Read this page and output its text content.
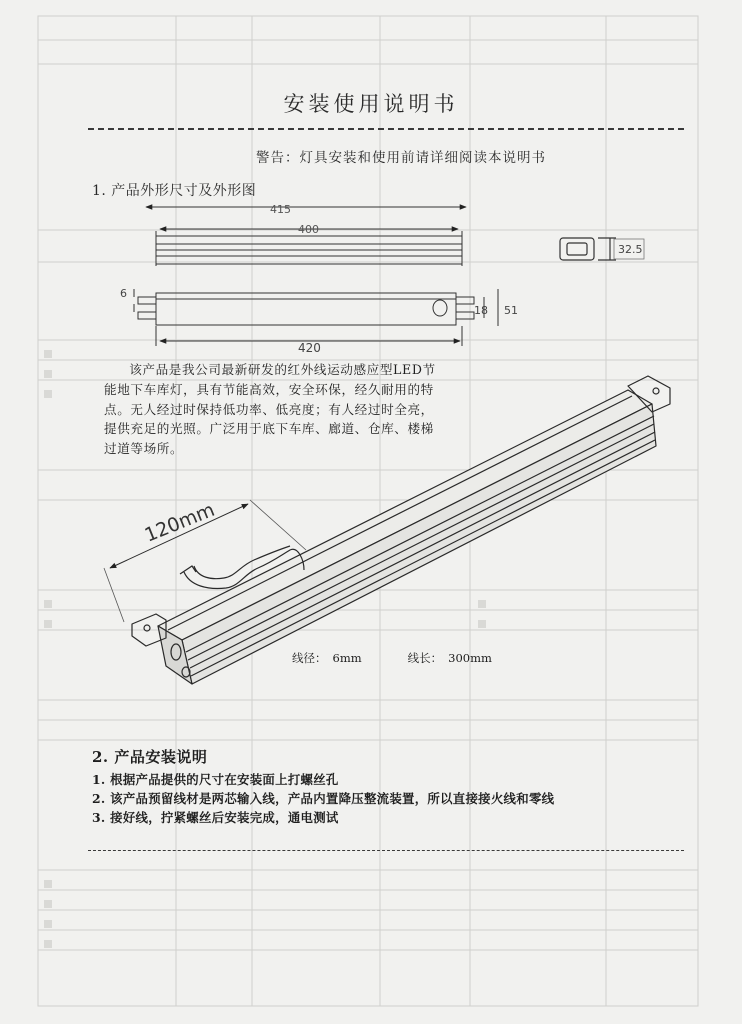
安装使用说明书
警告：灯具安装和使用前请详细阅读本说明书
1. 产品外形尺寸及外形图
415
400
32.5
6
18 51
420
120mm
该产品是我公司最新研发的红外线运动感应型LED节能地下车库灯，具有节能高效，安全环保，经久耐用的特点。无人经过时保持低功率、低亮度；有人经过时全亮，提供充足的光照。广泛用于底下车库、廊道、仓库、楼梯过道等场所。
线径： 6mm	线长： 300mm
2. 产品安装说明
1. 根据产品提供的尺寸在安装面上打螺丝孔
2. 该产品预留线材是两芯输入线，产品内置降压整流装置，所以直接接火线和零线
3. 接好线，拧紧螺丝后安装完成，通电测试
